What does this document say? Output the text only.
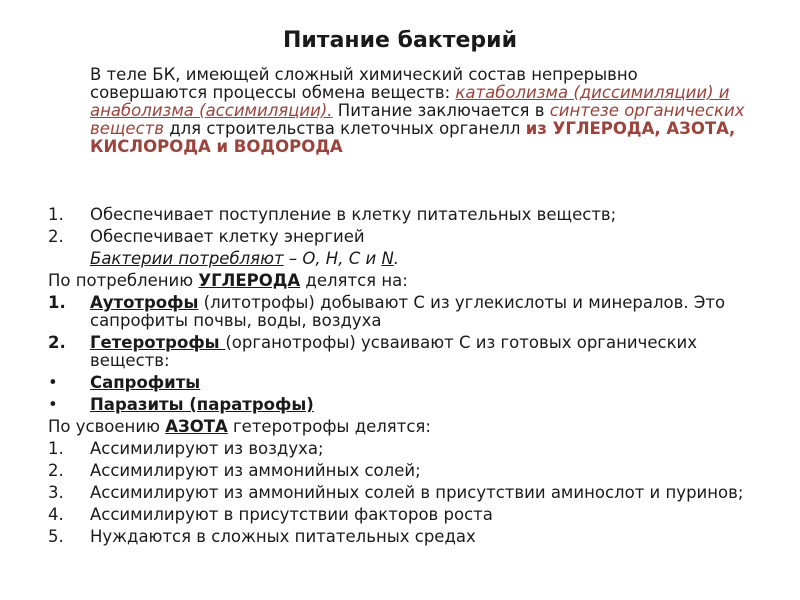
Питание бактерий
В теле БК, имеющей сложный химический состав непрерывно совершаются процессы обмена веществ: катаболизма (диссимиляции) и анаболизма (ассимиляции). Питание заключается в синтезе органических веществ для строительства клеточных органелл из УГЛЕРОДА, АЗОТА, КИСЛОРОДА и ВОДОРОДА
1.	Обеспечивает поступление в клетку питательных веществ;
2.	Обеспечивает клетку энергией
Бактерии потребляют – О, Н, С и N.
По потреблению УГЛЕРОДА делятся на:
1.	Аутотрофы (литотрофы) добывают С из углекислоты и минералов. Это сапрофиты почвы, воды, воздуха
2.	Гетеротрофы (органотрофы) усваивают С из готовых органических веществ:
•	Сапрофиты
•	Паразиты (паратрофы)
По усвоению АЗОТА гетеротрофы делятся:
1.	Ассимилируют из воздуха;
2.	Ассимилируют из аммонийных солей;
3.	Ассимилируют из аммонийных солей в присутствии аминослот и пуринов;
4.	Ассимилируют в присутствии факторов роста
5.	Нуждаются в сложных питательных средах
